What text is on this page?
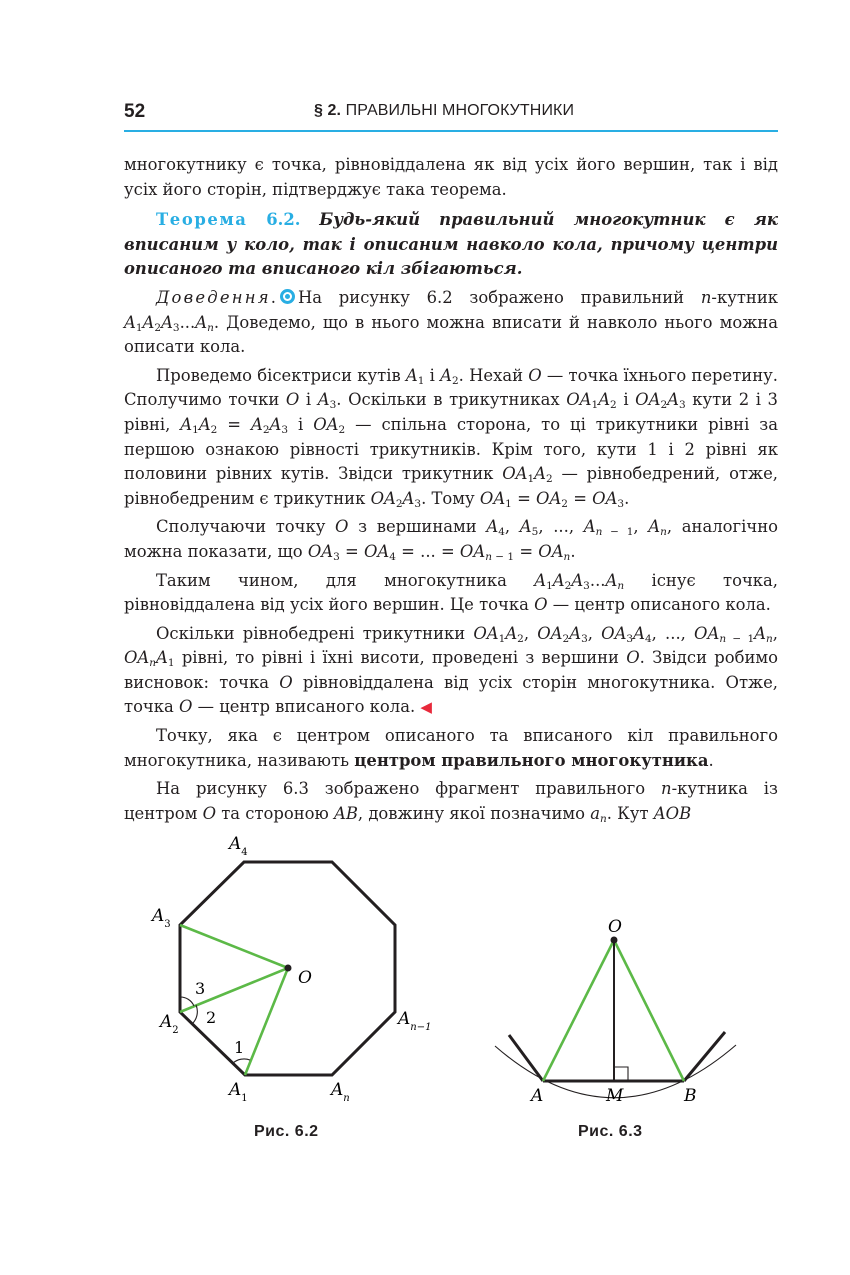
52	§ 2. ПРАВИЛЬНІ МНОГОКУТНИКИ

многокутнику є точка, рівновіддалена як від усіх його вершин, так і від усіх його сторін, підтверджує така теорема.

Теорема 6.2. Будь-який правильний многокутник є як вписаним у коло, так і описаним навколо кола, причому центри описаного та вписаного кіл збігаються.

Доведення. На рисунку 6.2 зображено правильний n-кутник $A_1A_2A_3...A_n$. Доведемо, що в нього можна вписати й навколо нього можна описати кола.

Проведемо бісектриси кутів $A_1$ і $A_2$. Нехай O — точка їхнього перетину. Сполучимо точки O і $A_3$. Оскільки в трикутниках $OA_1A_2$ і $OA_2A_3$ кути 2 і 3 рівні, $A_1A_2 = A_2A_3$ і $OA_2$ — спільна сторона, то ці трикутники рівні за першою ознакою рівності трикутників. Крім того, кути 1 і 2 рівні як половини рівних кутів. Звідси трикутник $OA_1A_2$ — рівнобедрений, отже, рівнобедреним є трикутник $OA_2A_3$. Тому $OA_1 = OA_2 = OA_3$.

Сполучаючи точку O з вершинами $A_4$, $A_5$, ..., $A_{n - 1}$, $A_n$, аналогічно можна показати, що $OA_3 = OA_4$ = ... = $OA_{n - 1} = OA_n$.

Таким чином, для многокутника $A_1A_2A_3...A_n$ існує точка, рівновіддалена від усіх його вершин. Це точка O — центр описаного кола.

Оскільки рівнобедрені трикутники $OA_1A_2$, $OA_2A_3$, $OA_3A_4$, ..., $OA_{n - 1}A_n$, $OA_nA_1$ рівні, то рівні і їхні висоти, проведені з вершини O. Звідси робимо висновок: точка O рівновіддалена від усіх сторін многокутника. Отже, точка O — центр вписаного кола. ◀

Точку, яка є центром описаного та вписаного кіл правильного многокутника, називають центром правильного многокутника.

На рисунку 6.3 зображено фрагмент правильного n-кутника із центром O та стороною AB, довжину якої позначимо $a_n$. Кут AOB

$A_4$
$A_3$
$A_2$
$A_1$	$A_n$
$A_{n-1}$
O
3
2
1
Рис. 6.2
O
A	M	B
Рис. 6.3
